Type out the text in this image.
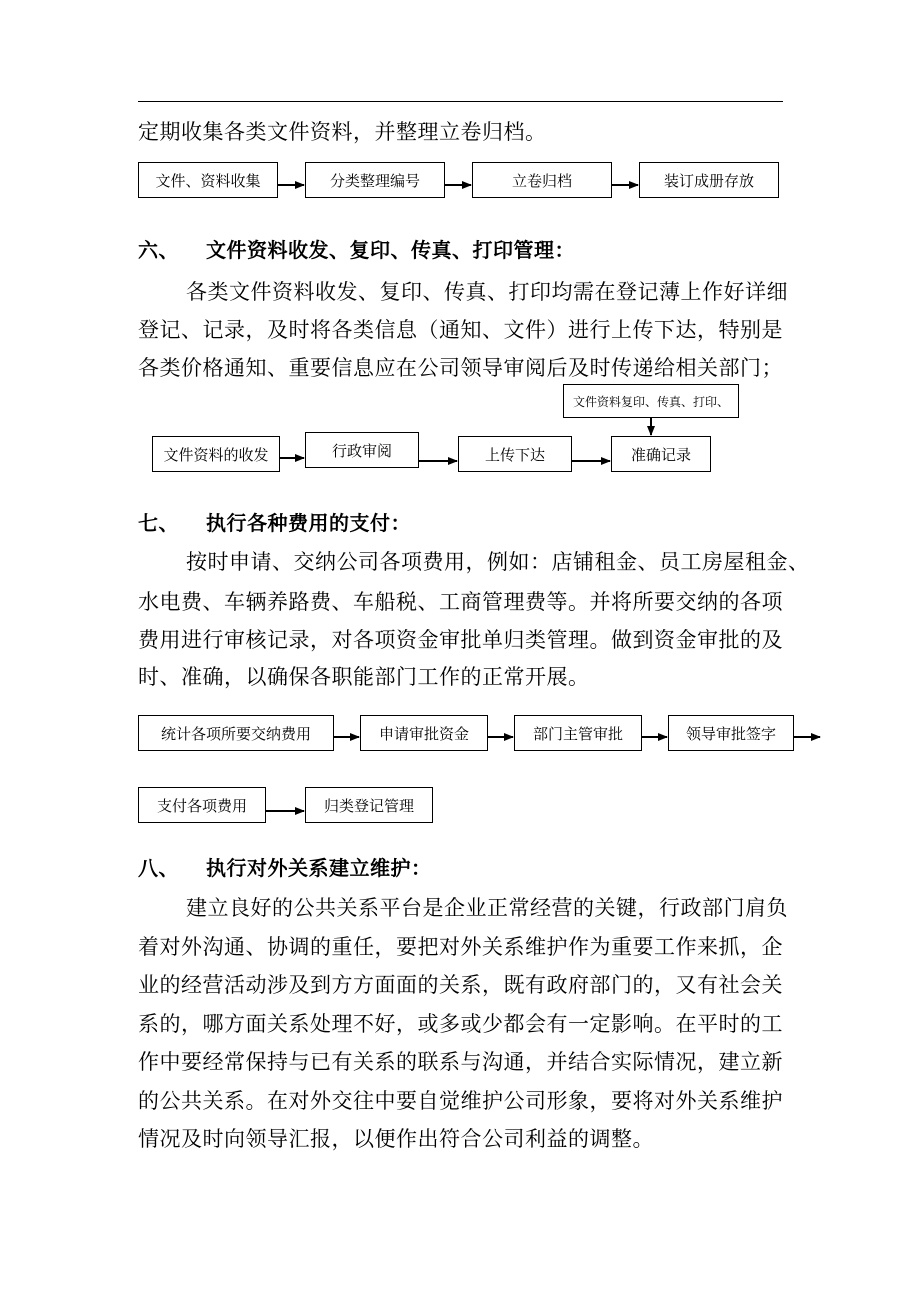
定期收集各类文件资料，并整理立卷归档。
文件、资料收集	分类整理编号	立卷归档	装订成册存放
六、 文件资料收发、复印、传真、打印管理：
各类文件资料收发、复印、传真、打印均需在登记薄上作好详细
登记、记录，及时将各类信息（通知、文件）进行上传下达，特别是
各类价格通知、重要信息应在公司领导审阅后及时传递给相关部门；
文件资料复印、传真、打印、
文件资料的收发	行政审阅	上传下达	准确记录
七、 执行各种费用的支付：
按时申请、交纳公司各项费用，例如：店铺租金、员工房屋租金、
水电费、车辆养路费、车船税、工商管理费等。并将所要交纳的各项
费用进行审核记录，对各项资金审批单归类管理。做到资金审批的及
时、准确，以确保各职能部门工作的正常开展。
统计各项所要交纳费用	申请审批资金	部门主管审批	领导审批签字
支付各项费用	归类登记管理
八、 执行对外关系建立维护：
建立良好的公共关系平台是企业正常经营的关键，行政部门肩负
着对外沟通、协调的重任，要把对外关系维护作为重要工作来抓，企
业的经营活动涉及到方方面面的关系，既有政府部门的，又有社会关
系的，哪方面关系处理不好，或多或少都会有一定影响。在平时的工
作中要经常保持与已有关系的联系与沟通，并结合实际情况，建立新
的公共关系。在对外交往中要自觉维护公司形象，要将对外关系维护
情况及时向领导汇报，以便作出符合公司利益的调整。
